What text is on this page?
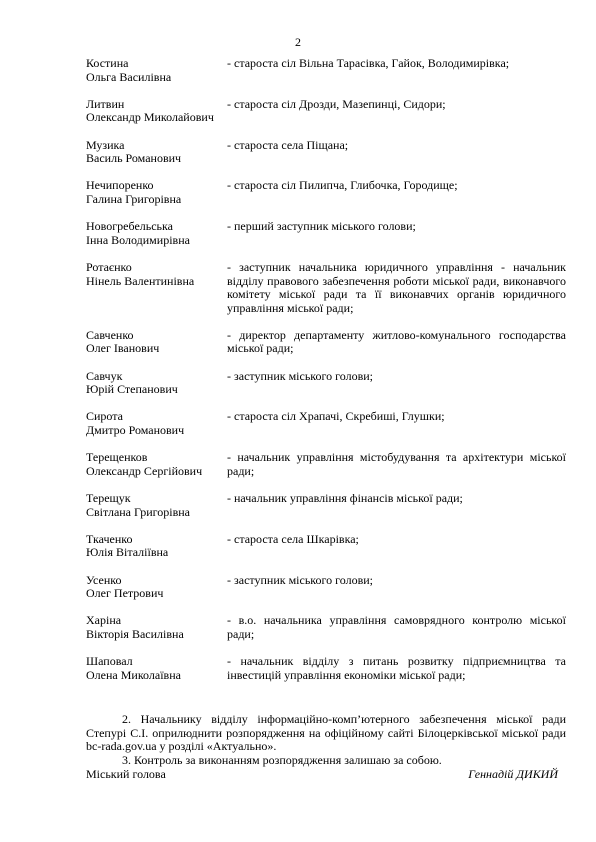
2
Костина
Ольга Василівна
- староста сіл Вільна Тарасівка, Гайок, Володимирівка;
Литвин
Олександр Миколайович
- староста сіл Дрозди, Мазепинці, Сидори;
Музика
Василь Романович
- староста села Піщана;
Нечипоренко
Галина Григорівна
- староста сіл Пилипча, Глибочка, Городище;
Новогребельська
Інна Володимирівна
- перший заступник міського голови;
Ротаєнко
Нінель Валентинівна
- заступник начальника юридичного управління - начальник відділу правового забезпечення роботи міської ради, виконавчого комітету міської ради та її виконавчих органів юридичного управління міської ради;
Савченко
Олег Іванович
- директор департаменту житлово-комунального господарства міської ради;
Савчук
Юрій Степанович
- заступник міського голови;
Сирота
Дмитро Романович
- староста сіл Храпачі, Скребиші, Глушки;
Терещенков
Олександр Сергійович
- начальник управління містобудування та архітектури міської ради;
Терещук
Світлана Григорівна
- начальник управління фінансів міської ради;
Ткаченко
Юлія Віталіївна
- староста села Шкарівка;
Усенко
Олег Петрович
- заступник міського голови;
Харіна
Вікторія Василівна
- в.о. начальника управління самоврядного контролю міської ради;
Шаповал
Олена Миколаївна
- начальник відділу з питань розвитку підприємництва та інвестицій управління економіки міської ради;
2. Начальнику відділу інформаційно-комп’ютерного забезпечення міської ради Степурі С.І. оприлюднити розпорядження на офіційному сайті Білоцерківської міської ради bc-rada.gov.ua у розділі «Актуально».
3. Контроль за виконанням розпорядження залишаю за собою.
Міський голова	Геннадій ДИКИЙ
